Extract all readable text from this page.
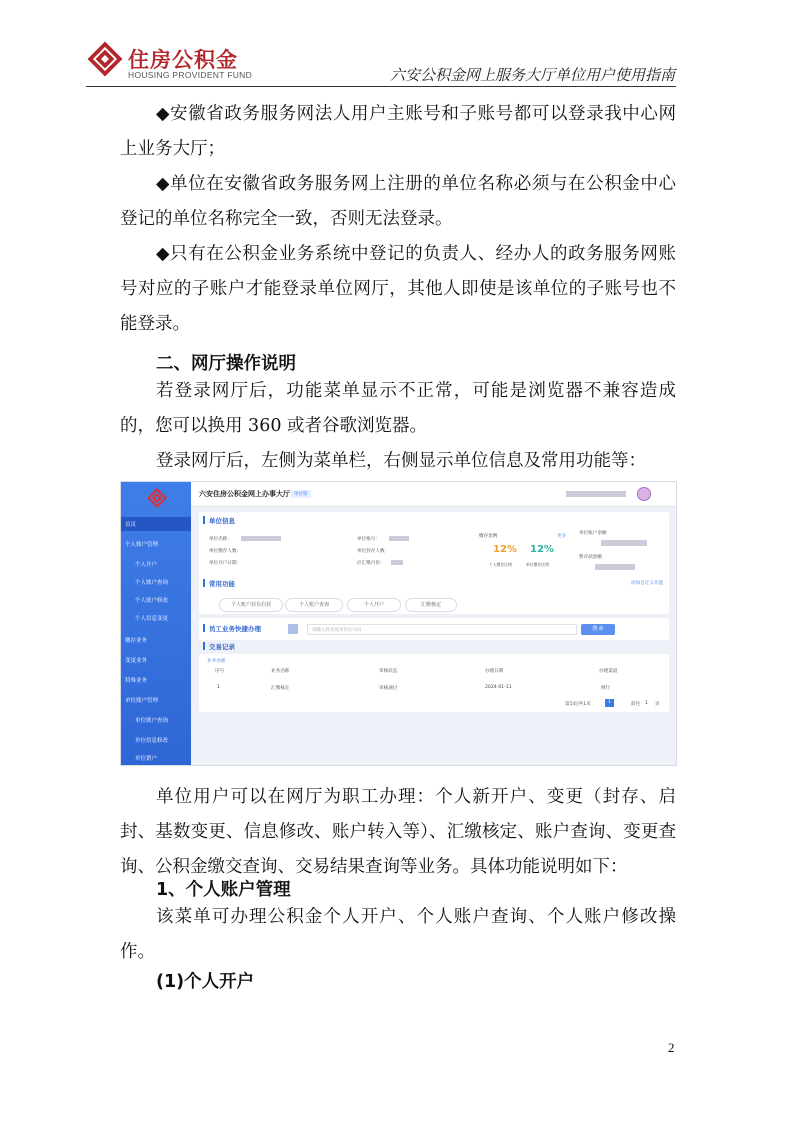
住房公积金
HOUSING PROVIDENT FUND	六安公积金网上服务大厅单位用户使用指南

◆安徽省政务服务网法人用户主账号和子账号都可以登录我中心网上业务大厅；

◆单位在安徽省政务服务网上注册的单位名称必须与在公积金中心登记的单位名称完全一致，否则无法登录。

◆只有在公积金业务系统中登记的负责人、经办人的政务服务网账号对应的子账户才能登录单位网厅，其他人即使是该单位的子账号也不能登录。

二、网厅操作说明

若登录网厅后，功能菜单显示不正常，可能是浏览器不兼容造成的，您可以换用 360 或者谷歌浏览器。

登录网厅后，左侧为菜单栏，右侧显示单位信息及常用功能等：

首页
个人账户管理
个人开户
个人账户查询
个人账户修改
个人信息变更
缴存业务
变更业务
特殊业务
单位账户管理
单位账户查询
单位信息修改
单位销户
六安住房公积金网上办事大厅 单位版
单位信息
单位名称：	单位账号：
单位缴存人数：	单位封存人数：
单位开户日期：	应汇缴月份：
缴存比例	更多
12% 12%
个人缴存比例	单位缴存比例
单位账户余额
暂存款余额
常用功能	添加自定义功能
个人账户封存启封	个人账户查询	个人开户	汇缴核定
员工业务快捷办理	请输入姓名或身份证号码	搜 索
交易记录
业务办理
序号	业务名称	审核状态	办理日期	办理渠道
1	汇缴核定	审核通过	2024-01-11	网厅
第1页/共1页	1	前往 1 页

单位用户可以在网厅为职工办理：个人新开户、变更（封存、启封、基数变更、信息修改、账户转入等）、汇缴核定、账户查询、变更查询、公积金缴交查询、交易结果查询等业务。具体功能说明如下：

1、个人账户管理

该菜单可办理公积金个人开户、个人账户查询、个人账户修改操作。

(1)个人开户
2
